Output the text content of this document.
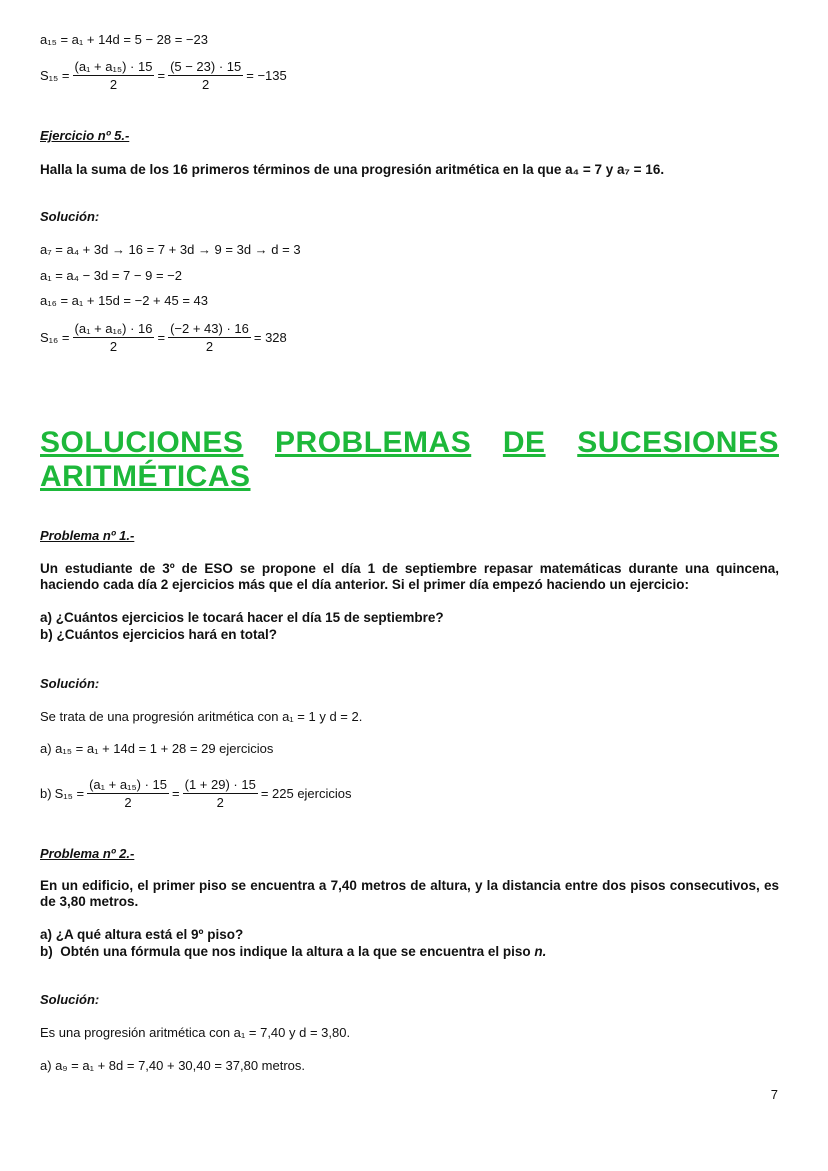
a₁₅ = a₁ + 14d = 5 − 28 = −23
$S_{15} = \frac{\text{(a₁ + a₁₅) · 15}}{2} = \frac{(5 - 23) \cdot 15}{2} = -135$
Ejercicio nº 5.-
Halla la suma de los 16 primeros términos de una progresión aritmética en la que a₄ = 7 y a₇ = 16.
Solución:
a₇ = a₄ + 3d → 16 = 7 + 3d → 9 = 3d → d = 3
a₁ = a₄ − 3d = 7 − 9 = −2
a₁₆ = a₁ + 15d = −2 + 45 = 43
$S_{16} = \frac{\text{(a₁ + a₁₆) · 16}}{2} = \frac{(-2 + 43) \cdot 16}{2} = 328$
SOLUCIONES PROBLEMAS DE SUCESIONES
ARITMÉTICAS
Problema nº 1.-
Un estudiante de 3º de ESO se propone el día 1 de septiembre repasar matemáticas durante una quincena, haciendo cada día 2 ejercicios más que el día anterior. Si el primer día empezó haciendo un ejercicio:
a) ¿Cuántos ejercicios le tocará hacer el día 15 de septiembre?
b) ¿Cuántos ejercicios hará en total?
Solución:
Se trata de una progresión aritmética con a₁ = 1 y d = 2.
a) a₁₅ = a₁ + 14d = 1 + 28 = 29 ejercicios
b) $S_{15} = \frac{\text{(a₁ + a₁₅) · 15}}{2} = \frac{(1 + 29) \cdot 15}{2} = 225$ ejercicios
Problema nº 2.-
En un edificio, el primer piso se encuentra a 7,40 metros de altura, y la distancia entre dos pisos consecutivos, es de 3,80 metros.
a) ¿A qué altura está el 9º piso?
b)  Obtén una fórmula que nos indique la altura a la que se encuentra el piso n.
Solución:
Es una progresión aritmética con a₁ = 7,40 y d = 3,80.
a) a₉ = a₁ + 8d = 7,40 + 30,40 = 37,80 metros.
7
